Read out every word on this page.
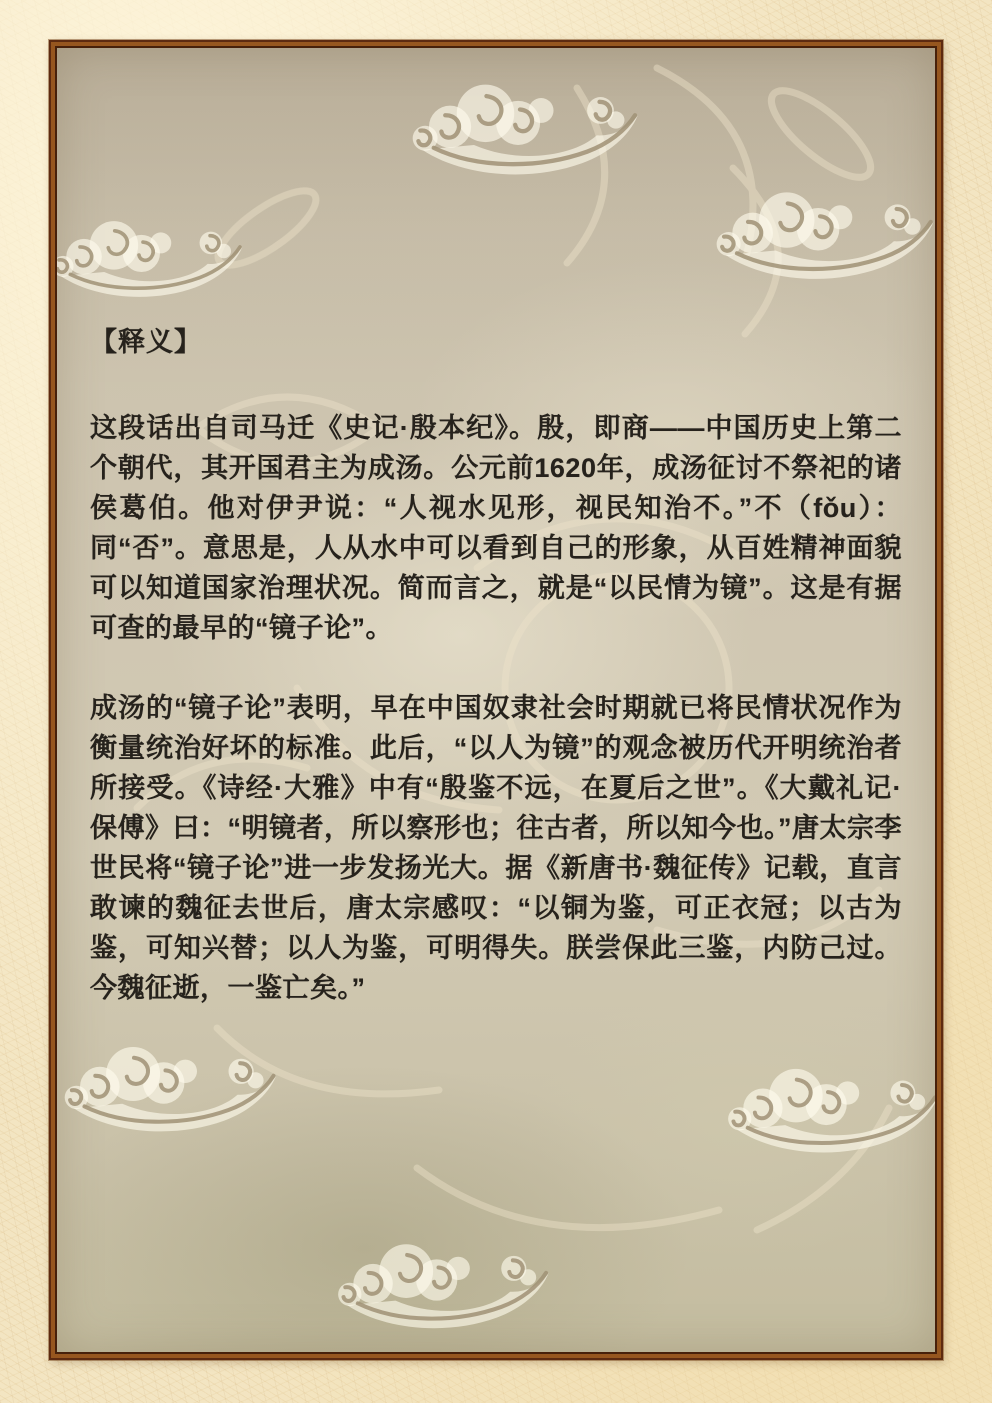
【释义】

这段话出自司马迁《史记·殷本纪》。殷，即商——中国历史上第二个朝代，其开国君主为成汤。公元前1620年，成汤征讨不祭祀的诸侯葛伯。他对伊尹说：“人视水见形，视民知治不。”不（fǒu）：同“否”。意思是，人从水中可以看到自己的形象，从百姓精神面貌可以知道国家治理状况。简而言之，就是“以民情为镜”。这是有据可查的最早的“镜子论”。

成汤的“镜子论”表明，早在中国奴隶社会时期就已将民情状况作为衡量统治好坏的标准。此后，“以人为镜”的观念被历代开明统治者所接受。《诗经·大雅》中有“殷鉴不远，在夏后之世”。《大戴礼记·保傅》曰：“明镜者，所以察形也；往古者，所以知今也。”唐太宗李世民将“镜子论”进一步发扬光大。据《新唐书·魏征传》记载，直言敢谏的魏征去世后，唐太宗感叹：“以铜为鉴，可正衣冠；以古为鉴，可知兴替；以人为鉴，可明得失。朕尝保此三鉴，内防己过。今魏征逝，一鉴亡矣。”
